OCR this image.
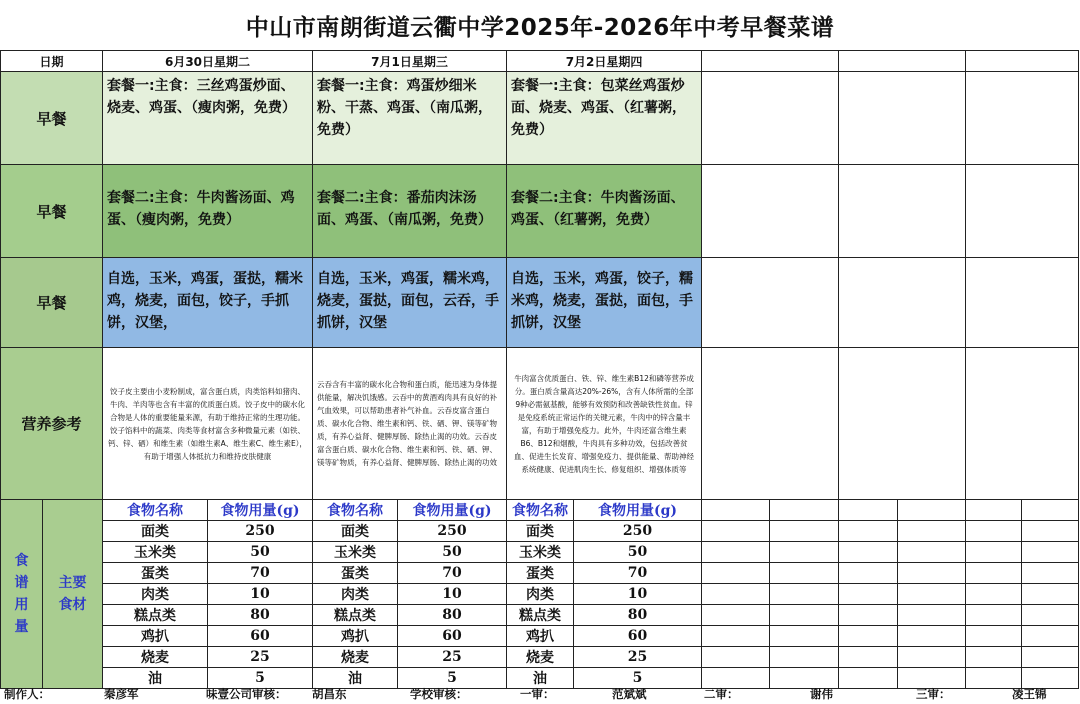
中山市南朗街道云衢中学2025年-2026年中考早餐菜谱
日期		6月30日星期二		7月1日星期三		7月2日星期四							
早餐		套餐一:主食：三丝鸡蛋炒面、烧麦、鸡蛋、（瘦肉粥，免费）		套餐一:主食：鸡蛋炒细米粉、干蒸、鸡蛋、（南瓜粥，免费）		套餐一:主食：包菜丝鸡蛋炒面、烧麦、鸡蛋、（红薯粥，免费）							
早餐		套餐二:主食：牛肉酱汤面、鸡蛋、（瘦肉粥，免费）		套餐二:主食：番茄肉沫汤面、鸡蛋、（南瓜粥，免费）		套餐二:主食：牛肉酱汤面、鸡蛋、（红薯粥，免费）							
早餐		自选，玉米，鸡蛋，蛋挞，糯米鸡，烧麦，面包，饺子，手抓饼，汉堡，		自选，玉米，鸡蛋，糯米鸡，烧麦，蛋挞，面包，云吞，手抓饼，汉堡		自选，玉米，鸡蛋，饺子，糯米鸡，烧麦，蛋挞，面包，手抓饼，汉堡							
营养参考		饺子皮主要由小麦粉制成，富含蛋白质，肉类馅料如猪肉、牛肉、羊肉等也含有丰富的优质蛋白质。饺子皮中的碳水化合物是人体的重要能量来源，有助于维持正常的生理功能。饺子馅料中的蔬菜、肉类等食材富含多种微量元素（如铁、钙、锌、硒）和维生素（如维生素A、维生素C、维生素E），有助于增强人体抵抗力和维持皮肤健康		云吞含有丰富的碳水化合物和蛋白质，能迅速为身体提供能量，解决饥饿感。云吞中的黄酒鸡肉具有良好的补气血效果，可以帮助患者补气补血。云吞皮富含蛋白质、碳水化合物、维生素和钙、铁、硒、钾、镁等矿物质，有养心益肾、健脾厚肠、除热止渴的功效。云吞皮富含蛋白质、碳水化合物、维生素和钙、铁、硒、钾、镁等矿物质，有养心益肾、健脾厚肠、除热止渴的功效		牛肉富含优质蛋白、铁、锌、维生素B12和磷等营养成分。蛋白质含量高达20%-26%，含有人体所需的全部9种必需氨基酸，能够有效预防和改善缺铁性贫血。锌是免疫系统正常运作的关键元素，牛肉中的锌含量丰富，有助于增强免疫力。此外，牛肉还富含维生素B6、B12和烟酸，牛肉具有多种功效，包括改善贫血、促进生长发育、增强免疫力、提供能量、帮助神经系统健康、促进肌肉生长、修复组织、增强体质等							

食谱用量	主要食材	食物名称	食物用量(g)	食物名称	食物用量(g)	食物名称	食物用量(g)						
		面类	250	面类	250	面类	250						
		玉米类	50	玉米类	50	玉米类	50						
		蛋类	70	蛋类	70	蛋类	70						
		肉类	10	肉类	10	肉类	10						
		糕点类	80	糕点类	80	糕点类	80						
		鸡扒	60	鸡扒	60	鸡扒	60						
		烧麦	25	烧麦	25	烧麦	25						
		油	5	油	5	油	5						
制作人：	秦彦军	味壹公司审核： 胡昌东	学校审核：	一审：	范斌斌	二审：	谢伟	三审：	凌王锦
